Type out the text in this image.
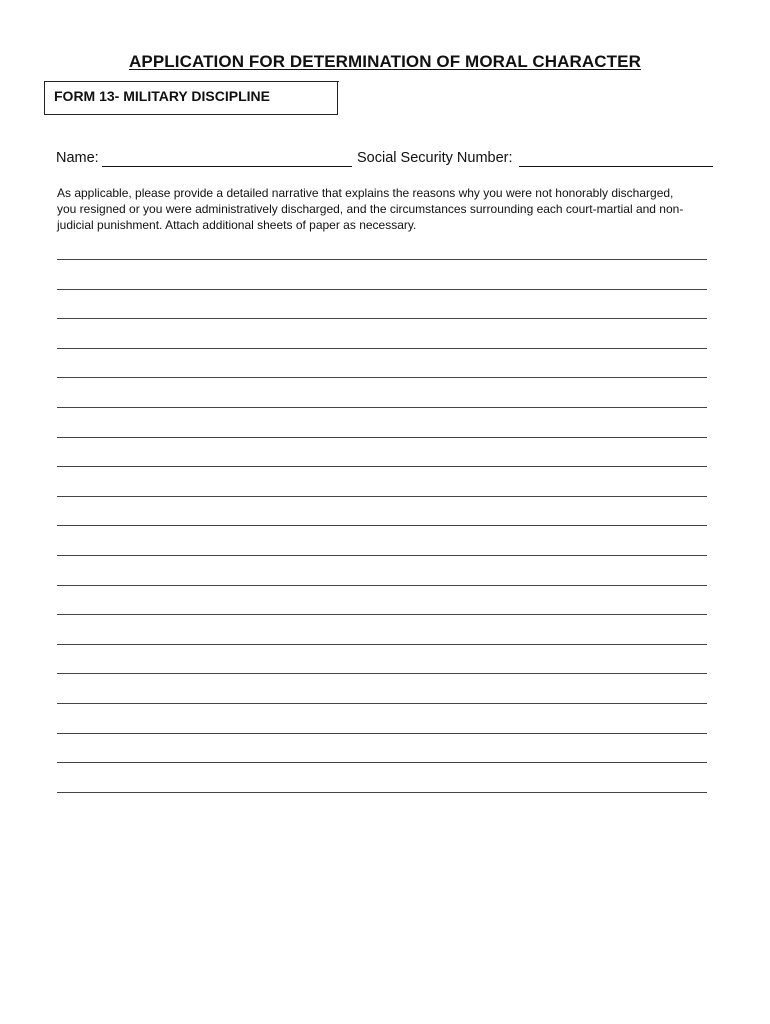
APPLICATION FOR DETERMINATION OF MORAL CHARACTER
FORM 13- MILITARY DISCIPLINE
Name:	Social Security Number:
As applicable, please provide a detailed narrative that explains the reasons why you were not honorably discharged,
you resigned or you were administratively discharged, and the circumstances surrounding each court-martial and non-
judicial punishment. Attach additional sheets of paper as necessary.
